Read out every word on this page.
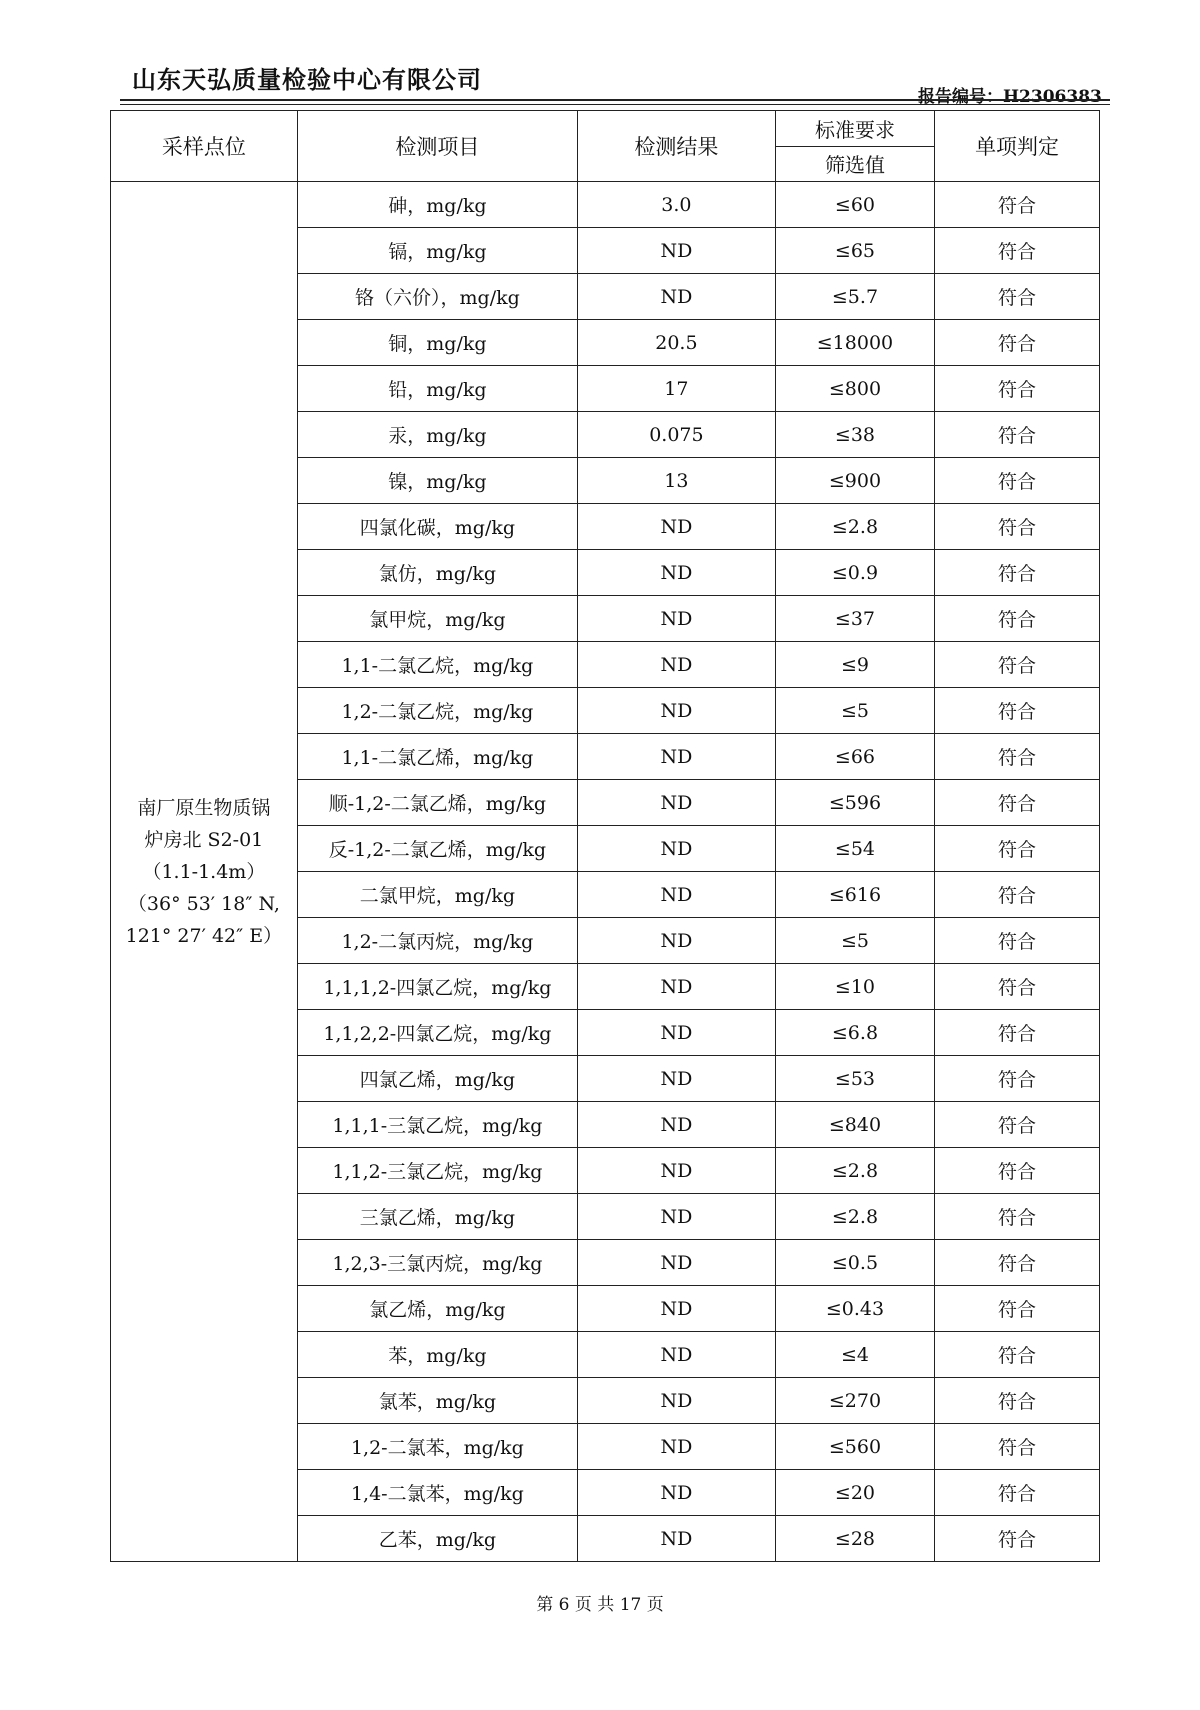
山东天弘质量检验中心有限公司
报告编号：H2306383
采样点位	检测项目	检测结果	标准要求	单项判定
			筛选值	

南厂原生物质锅
炉房北 S2-01
（1.1-1.4m）
（36° 53′ 18″ N,
121° 27′ 42″ E）	砷，mg/kg	3.0	≤60	符合
	镉，mg/kg	ND	≤65	符合
	铬（六价），mg/kg	ND	≤5.7	符合
	铜，mg/kg	20.5	≤18000	符合
	铅，mg/kg	17	≤800	符合
	汞，mg/kg	0.075	≤38	符合
	镍，mg/kg	13	≤900	符合
	四氯化碳，mg/kg	ND	≤2.8	符合
	氯仿，mg/kg	ND	≤0.9	符合
	氯甲烷，mg/kg	ND	≤37	符合
	1,1-二氯乙烷，mg/kg	ND	≤9	符合
	1,2-二氯乙烷，mg/kg	ND	≤5	符合
	1,1-二氯乙烯，mg/kg	ND	≤66	符合
	顺-1,2-二氯乙烯，mg/kg	ND	≤596	符合
	反-1,2-二氯乙烯，mg/kg	ND	≤54	符合
	二氯甲烷，mg/kg	ND	≤616	符合
	1,2-二氯丙烷，mg/kg	ND	≤5	符合
	1,1,1,2-四氯乙烷，mg/kg	ND	≤10	符合
	1,1,2,2-四氯乙烷，mg/kg	ND	≤6.8	符合
	四氯乙烯，mg/kg	ND	≤53	符合
	1,1,1-三氯乙烷，mg/kg	ND	≤840	符合
	1,1,2-三氯乙烷，mg/kg	ND	≤2.8	符合
	三氯乙烯，mg/kg	ND	≤2.8	符合
	1,2,3-三氯丙烷，mg/kg	ND	≤0.5	符合
	氯乙烯，mg/kg	ND	≤0.43	符合
	苯，mg/kg	ND	≤4	符合
	氯苯，mg/kg	ND	≤270	符合
	1,2-二氯苯，mg/kg	ND	≤560	符合
	1,4-二氯苯，mg/kg	ND	≤20	符合
	乙苯，mg/kg	ND	≤28	符合
第 6 页 共 17 页
